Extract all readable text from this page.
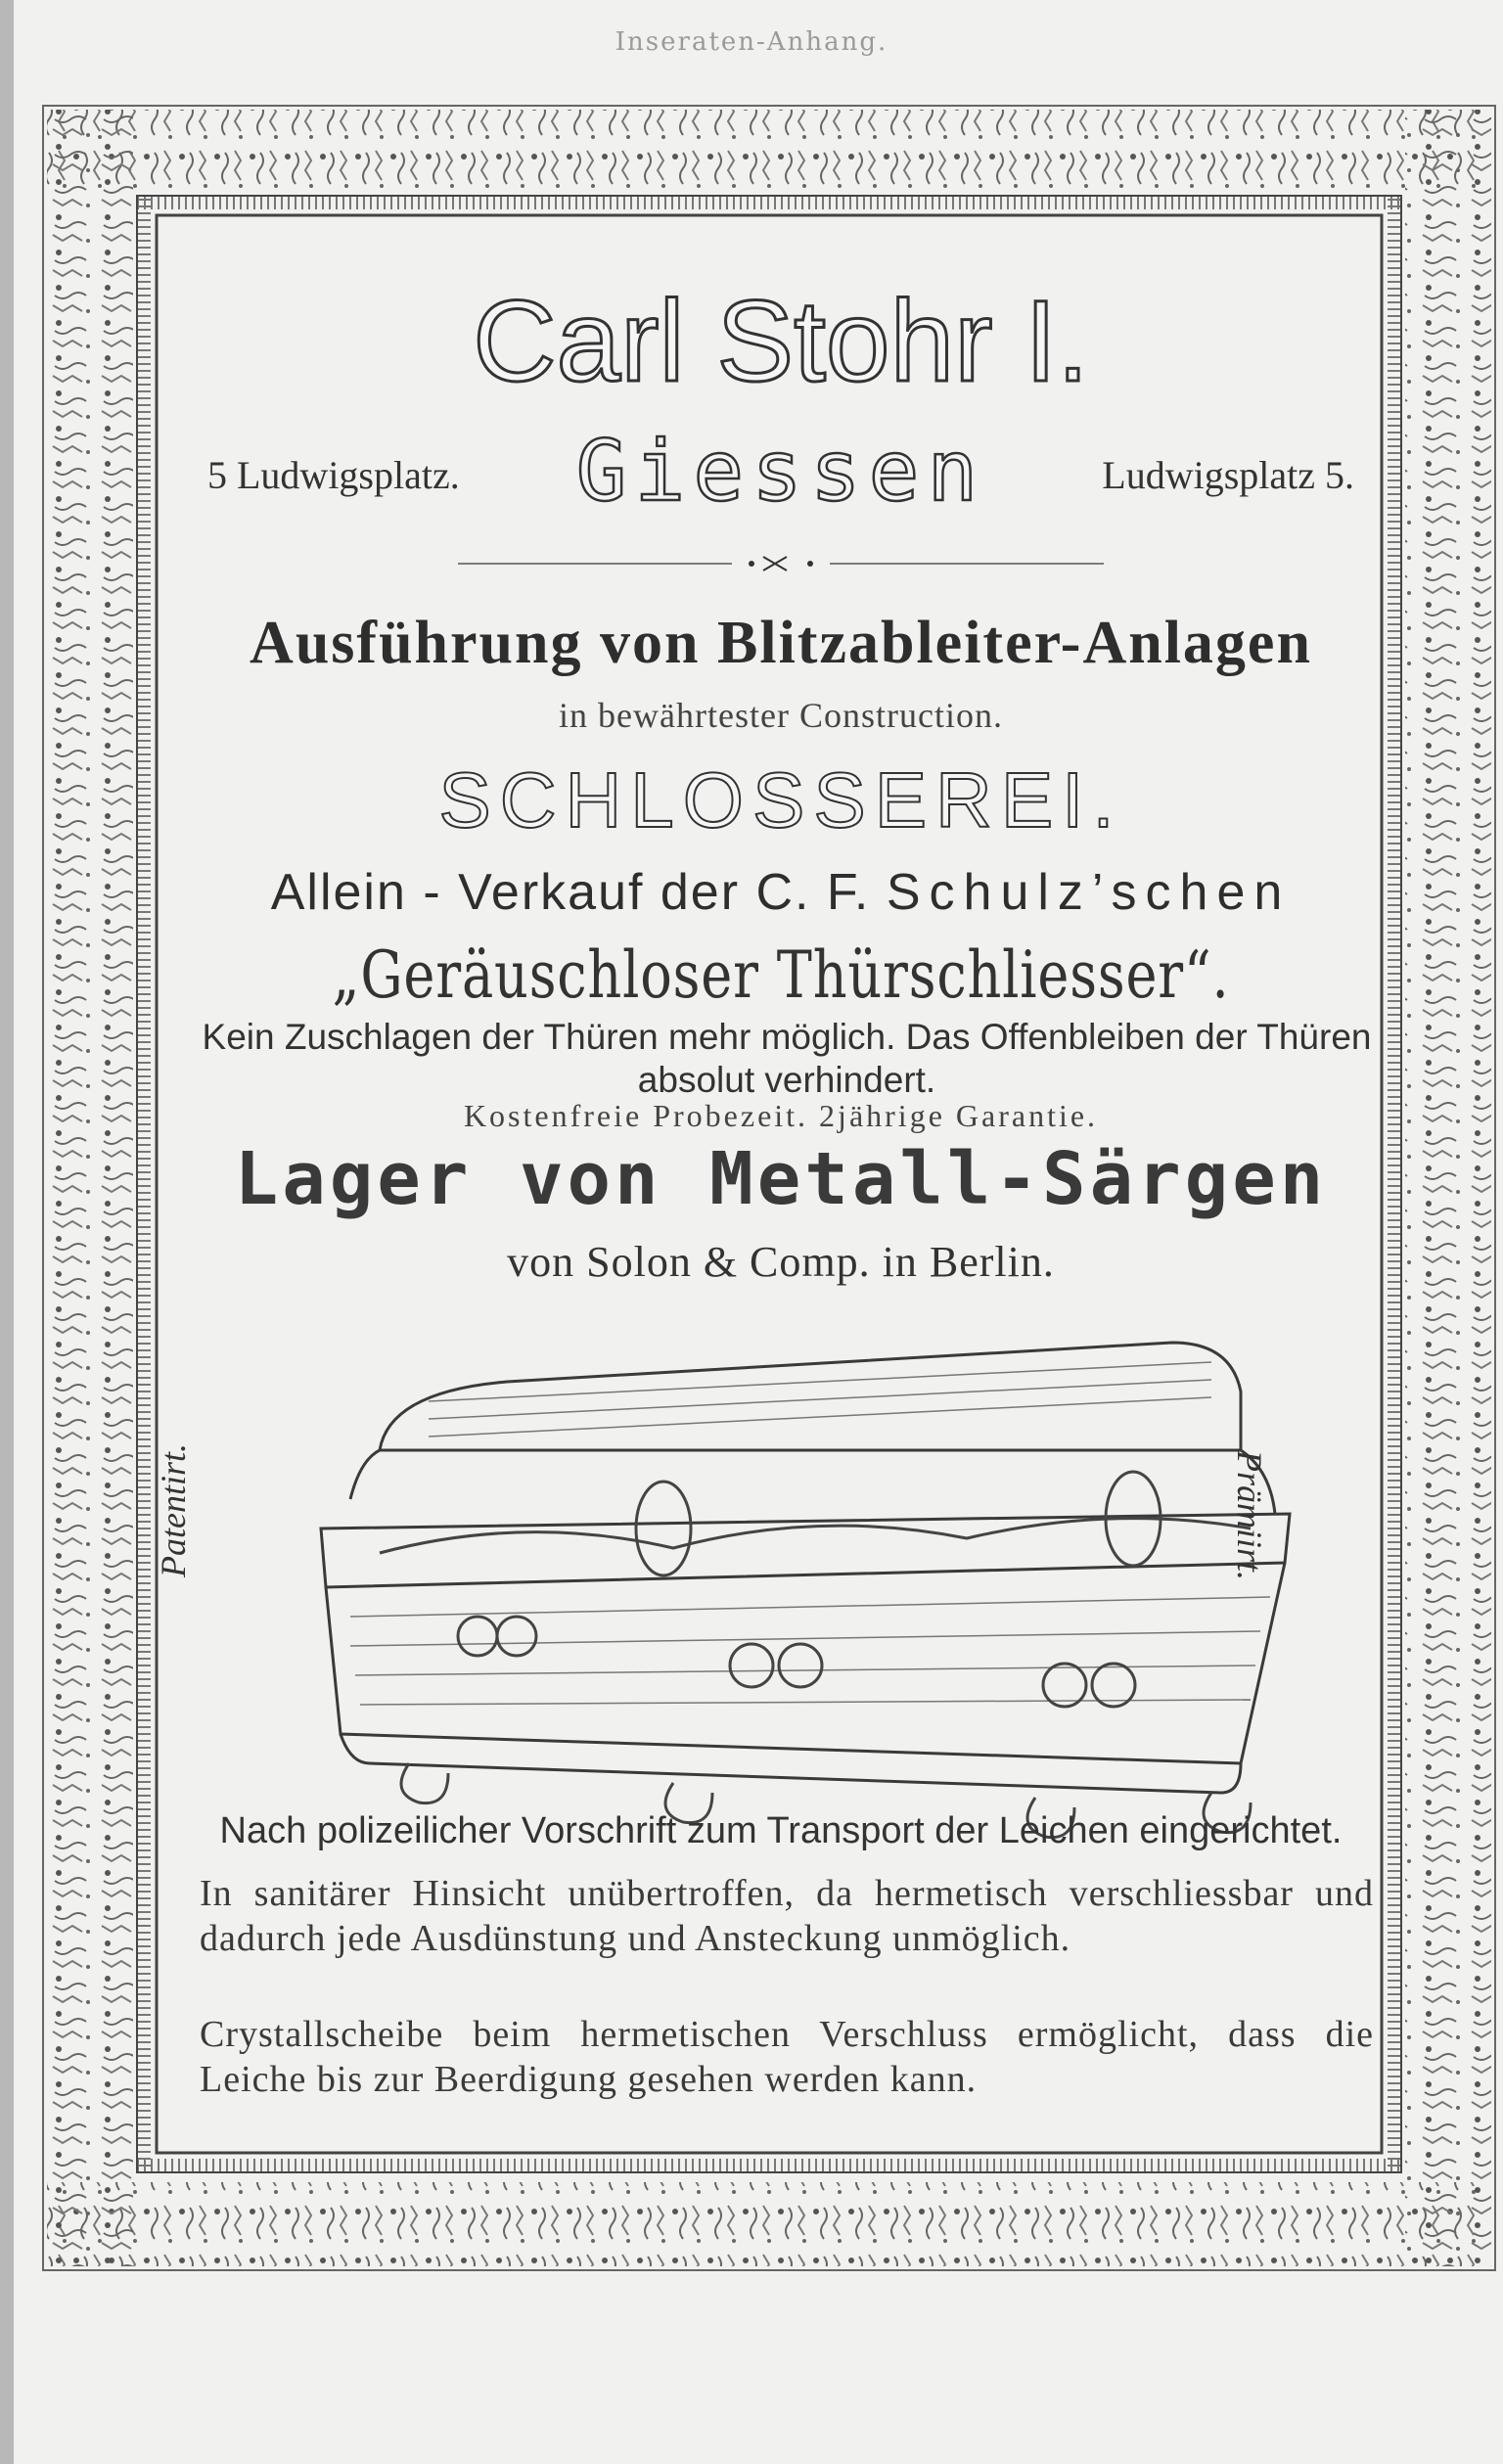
Inseraten-Anhang.
Carl Stohr I.
5 Ludwigsplatz.	Giessen	Ludwigsplatz 5.
Ausführung von Blitzableiter-Anlagen
in bewährtester Construction.
SCHLOSSEREI.
Allein - Verkauf der C. F. Schulz’schen
„Geräuschloser Thürschliesser“.
Kein Zuschlagen der Thüren mehr möglich. Das Offenbleiben der Thüren absolut verhindert.
Kostenfreie Probezeit. 2jährige Garantie.
Lager von Metall-Särgen
von Solon & Comp. in Berlin.
Patentirt.	Prämiirt.
Nach polizeilicher Vorschrift zum Transport der Leichen eingerichtet.
In sanitärer Hinsicht unübertroffen, da hermetisch verschliessbar und dadurch jede Ausdünstung und Ansteckung unmöglich.
Crystallscheibe beim hermetischen Verschluss ermöglicht, dass die Leiche bis zur Beerdigung gesehen werden kann.
